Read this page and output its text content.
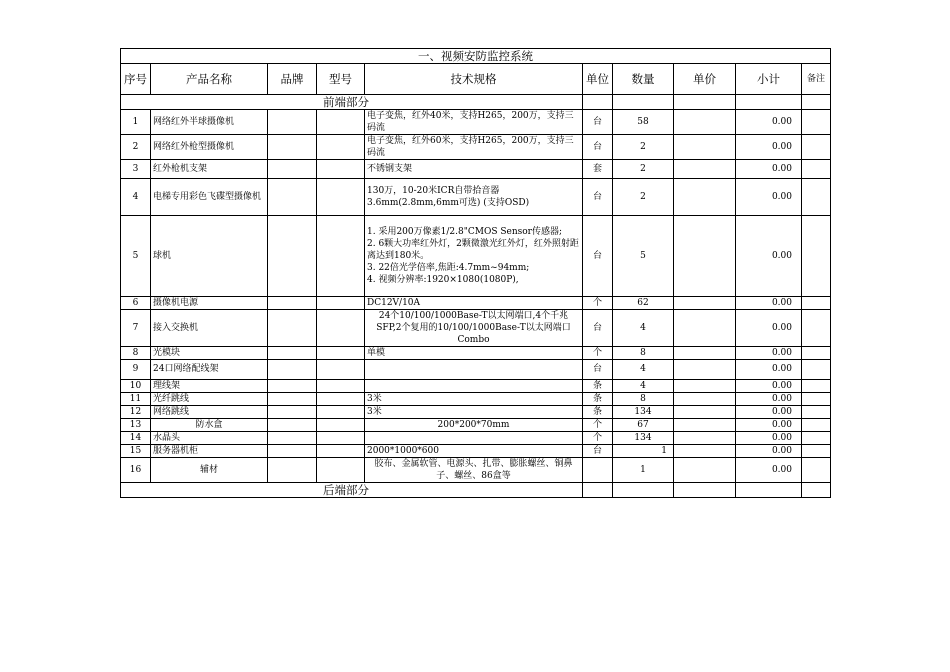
一、视频安防监控系统									
序号	产品名称	品牌	型号	技术规格	单位	数量	单价	小计	备注
前端部分									
1	网络红外半球摄像机			电子变焦，红外40米，支持H265，200万，支持三码流	台	58		0.00	
2	网络红外枪型摄像机			电子变焦，红外60米，支持H265，200万，支持三码流	台	2		0.00	
3	红外枪机支架			不锈钢支架	套	2		0.00	
4	电梯专用彩色飞碟型摄像机			130万，10-20米ICR自带拾音器
3.6mm(2.8mm,6mm可选) (支持OSD)	台	2		0.00	
5	球机			1. 采用200万像素1/2.8"CMOS Sensor传感器;
2. 6颗大功率红外灯，2颗微激光红外灯，红外照射距离达到180米。
3. 22倍光学倍率,焦距:4.7mm~94mm;
4. 视频分辨率:1920×1080(1080P),	台	5		0.00	
6	摄像机电源			DC12V/10A	个	62		0.00	
7	接入交换机			24个10/100/1000Base-T以太网端口,4个千兆SFP,2个复用的10/100/1000Base-T以太网端口Combo	台	4		0.00	
8	光模块			单模	个	8		0.00	
9	24口网络配线架				台	4		0.00	
10	理线架				条	4		0.00	
11	光纤跳线			3米	条	8		0.00	
12	网络跳线			3米	条	134		0.00	
13	防水盒			200*200*70mm	个	67		0.00	
14	水晶头				个	134		0.00	
15	服务器机柜			2000*1000*600	台	1		0.00	
16	辅材			胶布、金属软管、电源头、扎带、膨胀螺丝、铜鼻子、螺丝、86盒等		1		0.00	
后端部分									
